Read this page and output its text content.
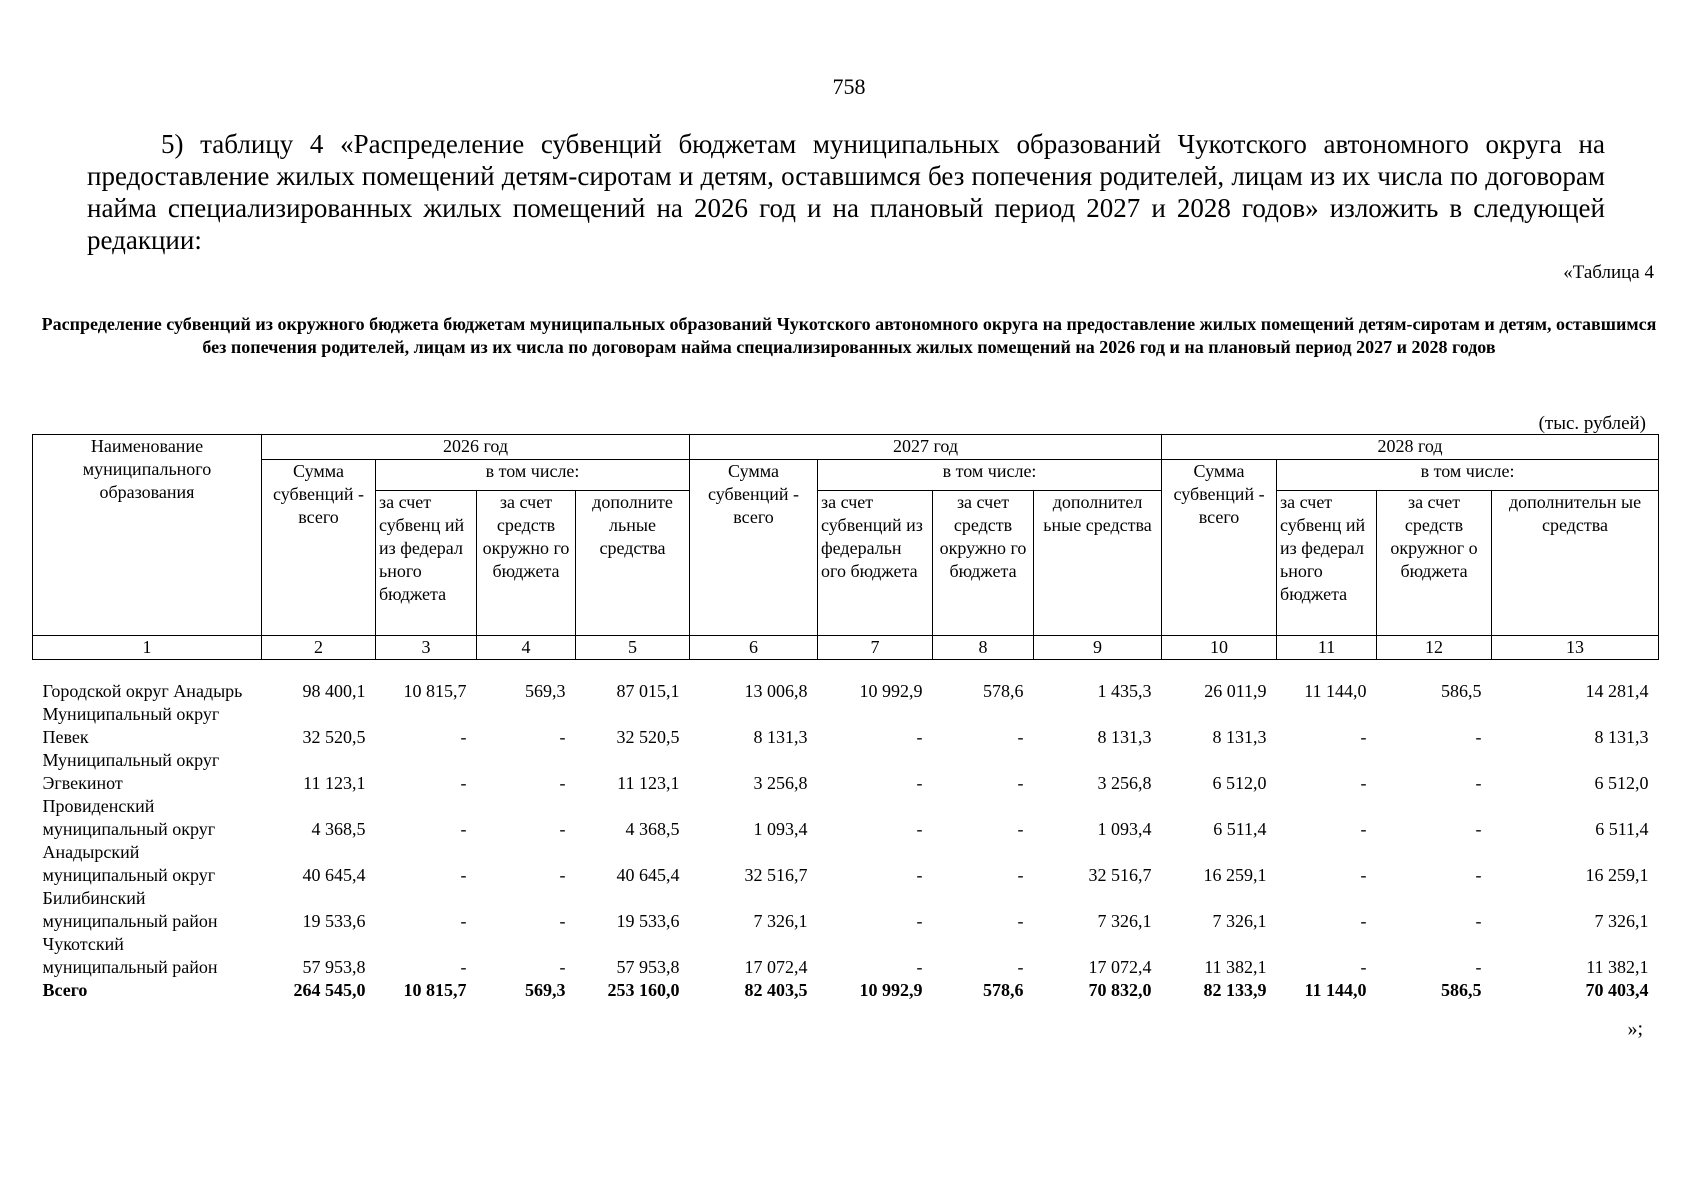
758
5) таблицу 4 «Распределение субвенций бюджетам муниципальных образований Чукотского автономного округа на предоставление жилых помещений детям-сиротам и детям, оставшимся без попечения родителей, лицам из их числа по договорам найма специализированных жилых помещений на 2026 год и на плановый период 2027 и 2028 годов» изложить в следующей редакции:
«Таблица 4
Распределение субвенций из окружного бюджета бюджетам муниципальных образований Чукотского автономного округа на предоставление жилых помещений детям-сиротам и детям, оставшимся без попечения родителей, лицам из их числа по договорам найма специализированных жилых помещений на 2026 год и на плановый период 2027 и 2028 годов
(тыс. рублей)
Наименование муниципального образования	2026 год				2027 год				2028 год			
	Сумма субвенций - всего	в том числе:			Сумма субвенций - всего	в том числе:			Сумма субвенций - всего	в том числе:		
		за счет субвенц ий из федерал ьного бюджета	за счет средств окружно го бюджета	дополните льные средства		за счет субвенций из федеральн ого бюджета	за счет средств окружно го бюджета	дополнител ьные средства		за счет субвенц ий из федерал ьного бюджета	за счет средств окружног о бюджета	дополнительн ые средства
1	2	3	4	5	6	7	8	9	10	11	12	13
Городской округ Анадырь	98 400,1	10 815,7	569,3	87 015,1	13 006,8	10 992,9	578,6	1 435,3	26 011,9	11 144,0	586,5	14 281,4
Муниципальный округ Певек	32 520,5	-	-	32 520,5	8 131,3	-	-	8 131,3	8 131,3	-	-	8 131,3
Муниципальный округ Эгвекинот	11 123,1	-	-	11 123,1	3 256,8	-	-	3 256,8	6 512,0	-	-	6 512,0
Провиденский муниципальный округ	4 368,5	-	-	4 368,5	1 093,4	-	-	1 093,4	6 511,4	-	-	6 511,4
Анадырский муниципальный округ	40 645,4	-	-	40 645,4	32 516,7	-	-	32 516,7	16 259,1	-	-	16 259,1
Билибинский муниципальный район	19 533,6	-	-	19 533,6	7 326,1	-	-	7 326,1	7 326,1	-	-	7 326,1
Чукотский муниципальный район	57 953,8	-	-	57 953,8	17 072,4	-	-	17 072,4	11 382,1	-	-	11 382,1
Всего	264 545,0	10 815,7	569,3	253 160,0	82 403,5	10 992,9	578,6	70 832,0	82 133,9	11 144,0	586,5	70 403,4
»;
